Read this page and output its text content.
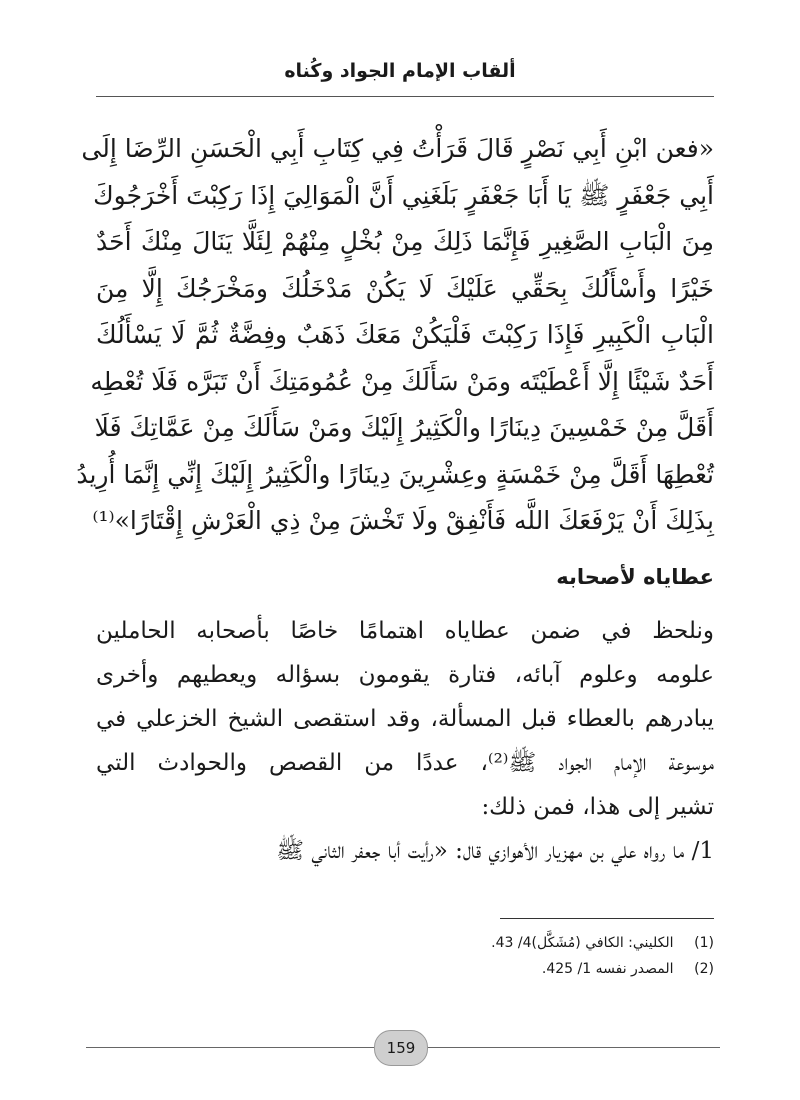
ألقاب الإمام الجواد وكُناه
«فعن ابْنِ أَبِي نَصْرٍ قَالَ قَرَأْتُ فِي كِتَابِ أَبِي الْحَسَنِ الرِّضَا إِلَى
أَبِي جَعْفَرٍ ﷺ يَا أَبَا جَعْفَرٍ بَلَغَنِي أَنَّ الْمَوَالِيَ إِذَا رَكِبْتَ أَخْرَجُوكَ
مِنَ الْبَابِ الصَّغِيرِ فَإِنَّمَا ذَلِكَ مِنْ بُخْلٍ مِنْهُمْ لِئَلَّا يَنَالَ مِنْكَ أَحَدٌ
خَيْرًا وأَسْأَلُكَ بِحَقِّي عَلَيْكَ لَا يَكُنْ مَدْخَلُكَ ومَخْرَجُكَ إِلَّا مِنَ
الْبَابِ الْكَبِيرِ فَإِذَا رَكِبْتَ فَلْيَكُنْ مَعَكَ ذَهَبٌ وفِضَّةٌ ثُمَّ لَا يَسْأَلُكَ
أَحَدٌ شَيْئًا إِلَّا أَعْطَيْتَه ومَنْ سَأَلَكَ مِنْ عُمُومَتِكَ أَنْ تَبَرَّه فَلَا تُعْطِه
أَقَلَّ مِنْ خَمْسِينَ دِينَارًا والْكَثِيرُ إِلَيْكَ ومَنْ سَأَلَكَ مِنْ عَمَّاتِكَ فَلَا
تُعْطِهَا أَقَلَّ مِنْ خَمْسَةٍ وعِشْرِينَ دِينَارًا والْكَثِيرُ إِلَيْكَ إِنِّي إِنَّمَا أُرِيدُ
بِذَلِكَ أَنْ يَرْفَعَكَ اللَّه فَأَنْفِقْ ولَا تَخْشَ مِنْ ذِي الْعَرْشِ إِقْتَارًا»⁽¹⁾
عطاياه لأصحابه
ونلحظ في ضمن عطاياه اهتمامًا خاصًا بأصحابه الحاملين
علومه وعلوم آبائه، فتارة يقومون بسؤاله ويعطيهم وأخرى
يبادرهم بالعطاء قبل المسألة، وقد استقصى الشيخ الخزعلي في
موسوعة الإمام الجواد ﷺ⁽²⁾، عددًا من القصص والحوادث التي
تشير إلى هذا، فمن ذلك:
1/ ما رواه علي بن مهزيار الأهوازي قال: «رأيت أبا جعفر الثاني ﷺ
(1) الكليني: الكافي (مُشَكَّل)4/ 43.
(2) المصدر نفسه 1/ 425.
159
